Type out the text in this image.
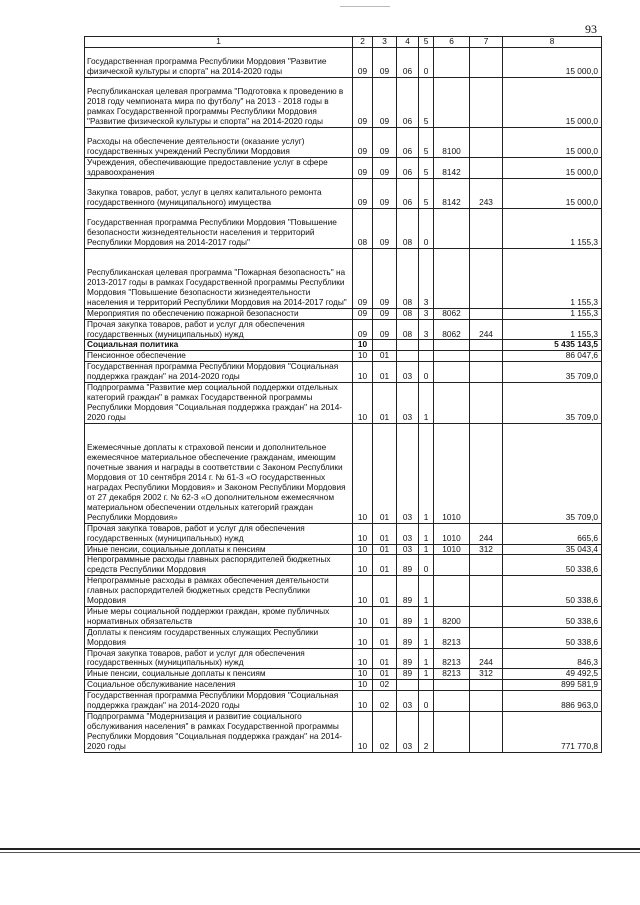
93
1	2	3	4	5	6	7	8
Государственная программа Республики Мордовия "Развитие физической культуры и спорта" на 2014-2020 годы	09	09	06	0			15 000,0
Республиканская целевая программа "Подготовка к проведению в 2018 году чемпионата мира по футболу" на 2013 - 2018 годы в рамках Государственной программы Республики Мордовия "Развитие физической культуры и спорта" на 2014-2020 годы	09	09	06	5			15 000,0
Расходы на обеспечение деятельности (оказание услуг) государственных учреждений Республики Мордовия	09	09	06	5	8100		15 000,0
Учреждения, обеспечивающие предоставление услуг в сфере здравоохранения	09	09	06	5	8142		15 000,0
Закупка товаров, работ, услуг в целях капитального ремонта государственного (муниципального) имущества	09	09	06	5	8142	243	15 000,0
Государственная программа Республики Мордовия "Повышение безопасности жизнедеятельности населения и территорий Республики Мордовия на 2014-2017 годы"	08	09	08	0			1 155,3
Республиканская целевая программа "Пожарная безопасность" на 2013-2017 годы в рамках Государственной программы Республики Мордовия "Повышение безопасности жизнедеятельности населения и территорий Республики Мордовия на 2014-2017 годы"	09	09	08	3			1 155,3
Мероприятия по обеспечению пожарной безопасности	09	09	08	3	8062		1 155,3
Прочая закупка товаров, работ и услуг для обеспечения государственных (муниципальных) нужд	09	09	08	3	8062	244	1 155,3
Социальная политика	10						5 435 143,5
Пенсионное обеспечение	10	01					86 047,6
Государственная программа Республики Мордовия "Социальная поддержка граждан" на 2014-2020 годы	10	01	03	0			35 709,0
Подпрограмма "Развитие мер социальной поддержки отдельных категорий граждан" в рамках Государственной программы Республики Мордовия "Социальная поддержка граждан" на 2014-2020 годы	10	01	03	1			35 709,0
Ежемесячные доплаты к страховой пенсии и дополнительное ежемесячное материальное обеспечение гражданам, имеющим почетные звания и награды в соответствии с Законом Республики Мордовия от 10 сентября 2014 г. № 61-З «О государственных наградах Республики Мордовия» и Законом Республики Мордовия от 27 декабря 2002 г. № 62-З «О дополнительном ежемесячном материальном обеспечении отдельных категорий граждан Республики Мордовия»	10	01	03	1	1010		35 709,0
Прочая закупка товаров, работ и услуг для обеспечения государственных (муниципальных) нужд	10	01	03	1	1010	244	665,6
Иные пенсии, социальные доплаты к пенсиям	10	01	03	1	1010	312	35 043,4
Непрограммные расходы главных распорядителей бюджетных средств Республики Мордовия	10	01	89	0			50 338,6
Непрограммные расходы в рамках обеспечения деятельности главных распорядителей бюджетных средств Республики Мордовия	10	01	89	1			50 338,6
Иные меры социальной поддержки граждан, кроме публичных нормативных обязательств	10	01	89	1	8200		50 338,6
Доплаты к пенсиям государственных служащих Республики Мордовия	10	01	89	1	8213		50 338,6
Прочая закупка товаров, работ и услуг для обеспечения государственных (муниципальных) нужд	10	01	89	1	8213	244	846,3
Иные пенсии, социальные доплаты к пенсиям	10	01	89	1	8213	312	49 492,5
Социальное обслуживание населения	10	02					899 581,9
Государственная программа Республики Мордовия "Социальная поддержка граждан" на 2014-2020 годы	10	02	03	0			886 963,0
Подпрограмма "Модернизация и развитие социального обслуживания населения" в рамках Государственной программы Республики Мордовия "Социальная поддержка граждан" на 2014-2020 годы	10	02	03	2			771 770,8
